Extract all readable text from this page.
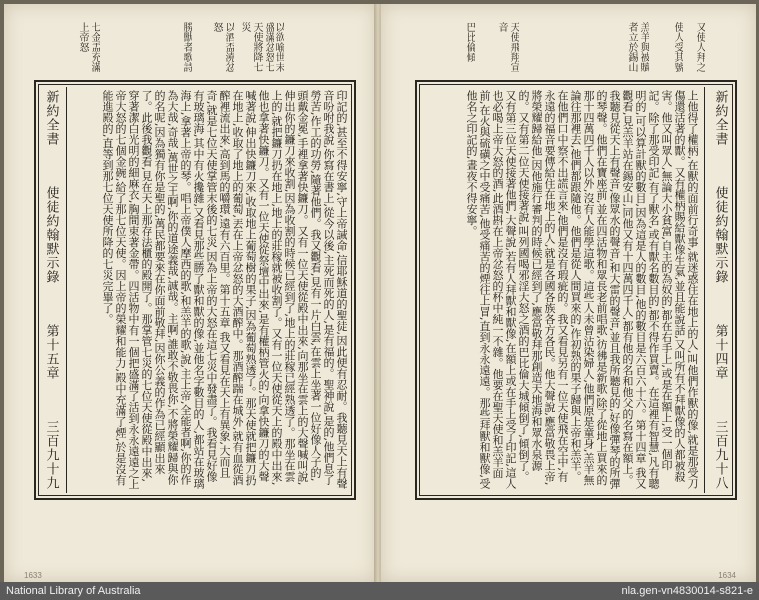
以欲喩世末
盛滿忿怒七天使將降七災
以酒盃澆忿怒
勝獸者歌詩
七金盂充滿上帝怒
新約全書
使徒約翰默示錄
第十五章
三百九十九	印記的,甚至不得安寧,守上帝誡命,信耶穌道的聖徒,因此便有忍耐。我聽見天上有聲音吩咐我說,你寫在書上,從今以後,主死而死的人,是有福的。聖神說,是的,他們息了勞苦,作工的功勞,隨著他們。我又觀看,見有一片白雲,在雲上坐著一位好像人子的,頭戴金冕,手裡拿著快鐮刀。又有一位天使從殿中出來,向那坐在雲上的大聲喊叫說,伸出你的鐮刀來收割,因為收割的時候已經到了,地上的莊稼已經熟透了。那坐在雲上的,就把鐮刀扔在地上,地上的莊稼就被收割了。又有一位天使從天上的殿中出來,他也拿著快鐮刀。又有一位天使從祭壇中出來,是有權柄管火的,向拿快鐮刀的大聲喊著說,伸出快鐮刀來,收取地上葡萄樹的果子,因為葡萄熟透了。那天使就把鐮刀扔在地上,收取了地上的葡萄,丟在上帝忿怒的大酒醡中。那酒醡踹在城外,就有血從酒醡裡流出來,高到馬的嚼環,遠有六百里。第十五章 我又看見在天上有異象,大而且奇,就是七位天使掌管末後的七災,因為上帝的大怒在這七災中發盡了。我看見好像有玻璃海,其中有火攙雜,又看見那些勝了獸和獸的像,並他名字數目的人,都站在玻璃海上,拿著上帝的琴。唱上帝僕人摩西的歌,和羔羊的歌,說,主上帝,全能者啊,你的作為大哉,奇哉,萬世之王啊,你的道途義哉,誠哉。主啊,誰敢不敬畏你,不將榮耀歸與你的名呢,因為獨有你是聖的,萬民都要來在你面前敬拜,因你公義的作為已經顯出來了。此後我觀看,見在天上那存法櫃的殿開了。那掌管七災的七位天使從殿中出來,穿著潔白光明的細麻衣,胸間束著金帶。四活物中有一個把盛滿了活到永永遠遠之上帝大怒的七個金碗,給了那七位天使。因上帝的榮耀和能力,殿中充滿了煙,於是沒有能進殿的,直等到那七位天使所降的七災完畢了。
1633
又使人拜之
使人受其號
羔羊與被贖者立於錫山
天使飛翔宣音
巴比倫傾
上他得了權柄,在獸的面前行奇事,就迷惑住在地上的人,叫他們作獸的像,就是那受刀傷還活著的獸。又有權柄賜給獸像生氣,並且能說話,又叫所有不拜獸像的人都被殺害。他又叫眾人,無論大小貧富,自主的為奴的,都在右手上,或是在額上,受一個印記。除了那受印記,有了獸名,或有獸名數目的,都不得作買賣。在這裡有智慧,凡有聰明的,可以算計獸的數目,因為這是人的數目,他的數目是六百六十六。第十四章 我又觀看,見羔羊站在錫安山,同他又有十四萬四千人,都有他的名和他父的名寫在額上。我聽見從天上有聲音,像眾水的聲音,和大雷的聲音,並且我所聽見的,好像彈琴的所彈的琴聲。他們在寶座前,並在四活物和眾長老前唱歌,彷彿是新歌,除了從地上買來的那十四萬四千人以外,沒有人能學這歌。這些人未曾沾染婦人,他們原是童身,羔羊無論往那裡去,他們都跟隨他。他們是從人間買來的,作初熟的果子歸與上帝和羔羊。在他們口中察不出謊言來,他們是沒有瑕疵的。我又看見另有一位天使飛在空中,有永遠的福音要傳給住在地上的人,就是各國各族各方各民。他大聲說,應當敬畏上帝,將榮耀歸給他,因他施行審判的時候已經到了,應當敬拜那創造天地海和眾水泉源的。又有第二位天使接著說,叫列國喝邪淫大怒之酒的巴比倫大城傾倒了,傾倒了。又有第三位天使接著他們,大聲說,若有人拜獸和獸像,在額上或在手上受了印記,這人也必喝上帝大怒的酒,此酒斟在上帝忿怒的杯中純一不雜。他要在聖天使和羔羊面前,在火與硫磺之中受痛苦,他受痛苦的煙往上冒,直到永永遠遠。那些拜獸和獸像,受他名之印記的,晝夜不得安寧。	新約全書
使徒約翰默示錄
第十四章
三百九十八
1634
National Library of Australia	nla.gen-vn4830014-s821-e
